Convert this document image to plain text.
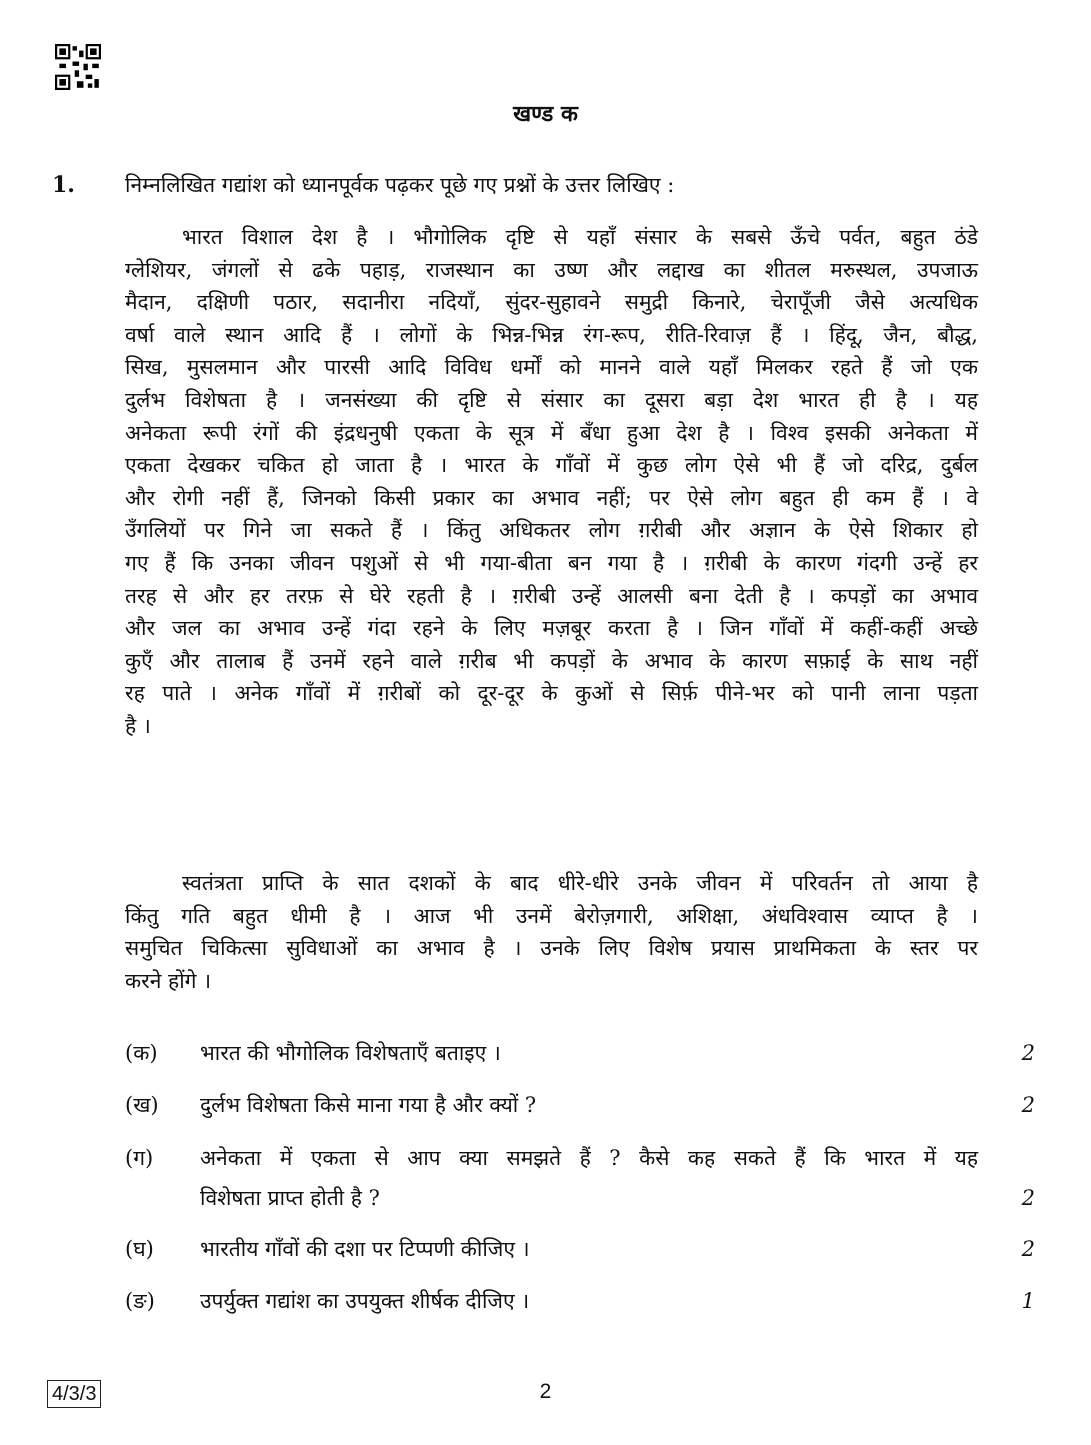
खण्ड क
1. निम्नलिखित गद्यांश को ध्यानपूर्वक पढ़कर पूछे गए प्रश्नों के उत्तर लिखिए :
भारत विशाल देश है । भौगोलिक दृष्टि से यहाँ संसार के सबसे ऊँचे पर्वत, बहुत ठंडे
ग्लेशियर, जंगलों से ढके पहाड़, राजस्थान का उष्ण और लद्दाख का शीतल मरुस्थल, उपजाऊ
मैदान, दक्षिणी पठार, सदानीरा नदियाँ, सुंदर-सुहावने समुद्री किनारे, चेरापूँजी जैसे अत्यधिक
वर्षा वाले स्थान आदि हैं । लोगों के भिन्न-भिन्न रंग-रूप, रीति-रिवाज़ हैं । हिंदू, जैन, बौद्ध,
सिख, मुसलमान और पारसी आदि विविध धर्मों को मानने वाले यहाँ मिलकर रहते हैं जो एक
दुर्लभ विशेषता है । जनसंख्या की दृष्टि से संसार का दूसरा बड़ा देश भारत ही है । यह
अनेकता रूपी रंगों की इंद्रधनुषी एकता के सूत्र में बँधा हुआ देश है । विश्व इसकी अनेकता में
एकता देखकर चकित हो जाता है । भारत के गाँवों में कुछ लोग ऐसे भी हैं जो दरिद्र, दुर्बल
और रोगी नहीं हैं, जिनको किसी प्रकार का अभाव नहीं; पर ऐसे लोग बहुत ही कम हैं । वे
उँगलियों पर गिने जा सकते हैं । किंतु अधिकतर लोग ग़रीबी और अज्ञान के ऐसे शिकार हो
गए हैं कि उनका जीवन पशुओं से भी गया-बीता बन गया है । ग़रीबी के कारण गंदगी उन्हें हर
तरह से और हर तरफ़ से घेरे रहती है । ग़रीबी उन्हें आलसी बना देती है । कपड़ों का अभाव
और जल का अभाव उन्हें गंदा रहने के लिए मज़बूर करता है । जिन गाँवों में कहीं-कहीं अच्छे
कुएँ और तालाब हैं उनमें रहने वाले ग़रीब भी कपड़ों के अभाव के कारण सफ़ाई के साथ नहीं
रह पाते । अनेक गाँवों में ग़रीबों को दूर-दूर के कुओं से सिर्फ़ पीने-भर को पानी लाना पड़ता
है ।
स्वतंत्रता प्राप्ति के सात दशकों के बाद धीरे-धीरे उनके जीवन में परिवर्तन तो आया है
किंतु गति बहुत धीमी है । आज भी उनमें बेरोज़गारी, अशिक्षा, अंधविश्वास व्याप्त है ।
समुचित चिकित्सा सुविधाओं का अभाव है । उनके लिए विशेष प्रयास प्राथमिकता के स्तर पर
करने होंगे ।
(क) भारत की भौगोलिक विशेषताएँ बताइए ।	2
(ख) दुर्लभ विशेषता किसे माना गया है और क्यों ?	2
(ग) अनेकता में एकता से आप क्या समझते हैं ? कैसे कह सकते हैं कि भारत में यह
विशेषता प्राप्त होती है ?	2
(घ) भारतीय गाँवों की दशा पर टिप्पणी कीजिए ।	2
(ङ) उपर्युक्त गद्यांश का उपयुक्त शीर्षक दीजिए ।	1
4/3/3	2
